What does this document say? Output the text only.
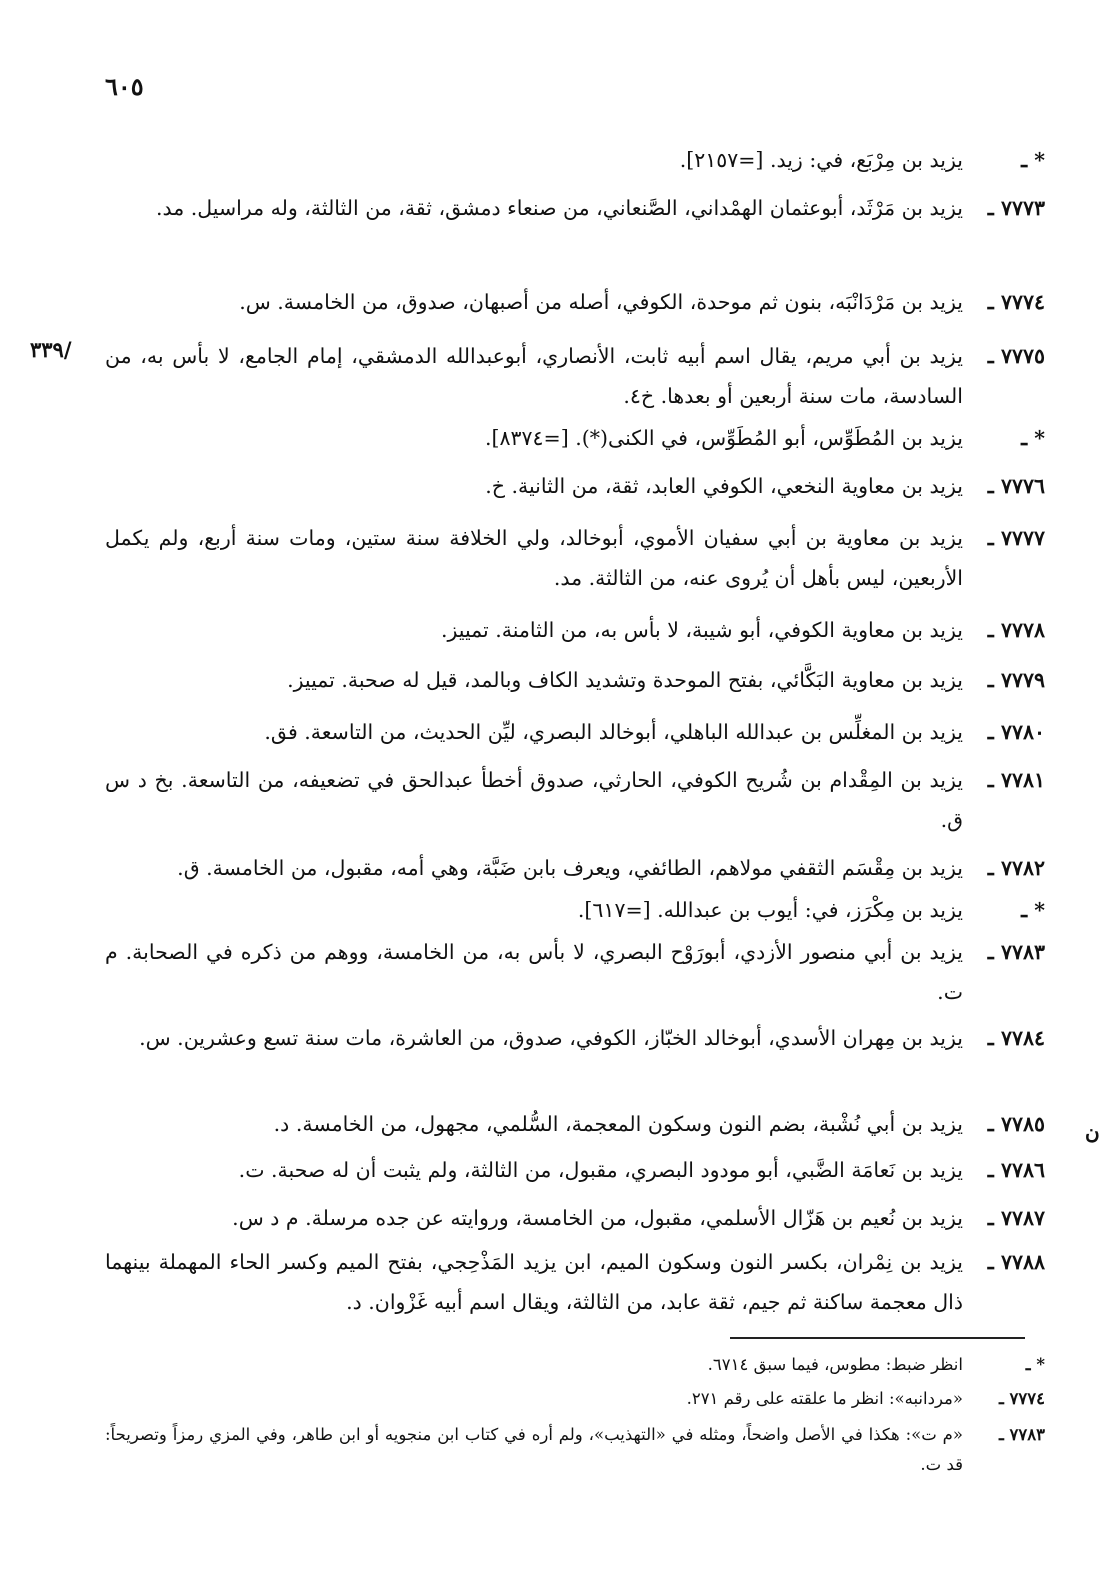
٦٠٥
/٣٣٩
ن
* ـ
يزيد بن مِرْبَع، في: زيد. [=٢١٥٧].
٧٧٧٣ ـ
يزيد بن مَرْثَد، أبوعثمان الهمْداني، الصَّنعاني، من صنعاء دمشق، ثقة، من الثالثة، وله مراسيل. مد.
٧٧٧٤ ـ
يزيد بن مَرْدَانْبَه، بنون ثم موحدة، الكوفي، أصله من أصبهان، صدوق، من الخامسة. س.
٧٧٧٥ ـ
يزيد بن أبي مريم، يقال اسم أبيه ثابت، الأنصاري، أبوعبدالله الدمشقي، إمام الجامع، لا بأس به، من السادسة، مات سنة أربعين أو بعدها. خ٤.
* ـ
يزيد بن المُطَوِّس، أبو المُطَوِّس، في الكنى(*). [=٨٣٧٤].
٧٧٧٦ ـ
يزيد بن معاوية النخعي، الكوفي العابد، ثقة، من الثانية. خ.
٧٧٧٧ ـ
يزيد بن معاوية بن أبي سفيان الأموي، أبوخالد، ولي الخلافة سنة ستين، ومات سنة أربع، ولم يكمل الأربعين، ليس بأهل أن يُروى عنه، من الثالثة. مد.
٧٧٧٨ ـ
يزيد بن معاوية الكوفي، أبو شيبة، لا بأس به، من الثامنة. تمييز.
٧٧٧٩ ـ
يزيد بن معاوية البَكَّائي، بفتح الموحدة وتشديد الكاف وبالمد، قيل له صحبة. تمييز.
٧٧٨٠ ـ
يزيد بن المغلِّس بن عبدالله الباهلي، أبوخالد البصري، ليِّن الحديث، من التاسعة. فق.
٧٧٨١ ـ
يزيد بن المِقْدام بن شُريح الكوفي، الحارثي، صدوق أخطأ عبدالحق في تضعيفه، من التاسعة. بخ د س ق.
٧٧٨٢ ـ
يزيد بن مِقْسَم الثقفي مولاهم، الطائفي، ويعرف بابن ضَبَّة، وهي أمه، مقبول، من الخامسة. ق.
* ـ
يزيد بن مِكْرَز، في: أيوب بن عبدالله. [=٦١٧].
٧٧٨٣ ـ
يزيد بن أبي منصور الأزدي، أبورَوْح البصري، لا بأس به، من الخامسة، ووهم من ذكره في الصحابة. م ت.
٧٧٨٤ ـ
يزيد بن مِهران الأسدي، أبوخالد الخبّاز، الكوفي، صدوق، من العاشرة، مات سنة تسع وعشرين. س.
٧٧٨٥ ـ
يزيد بن أبي نُشْبة، بضم النون وسكون المعجمة، السُّلمي، مجهول، من الخامسة. د.
٧٧٨٦ ـ
يزيد بن نَعامَة الضَّبي، أبو مودود البصري، مقبول، من الثالثة، ولم يثبت أن له صحبة. ت.
٧٧٨٧ ـ
يزيد بن نُعيم بن هَزّال الأسلمي، مقبول، من الخامسة، وروايته عن جده مرسلة. م د س.
٧٧٨٨ ـ
يزيد بن نِمْران، بكسر النون وسكون الميم، ابن يزيد المَذْحِجي، بفتح الميم وكسر الحاء المهملة بينهما ذال معجمة ساكنة ثم جيم، ثقة عابد، من الثالثة، ويقال اسم أبيه غَزْوان. د.
* ـ
انظر ضبط: مطوس، فيما سبق ٦٧١٤.
٧٧٧٤ ـ
«مردانبه»: انظر ما علقته على رقم ٢٧١.
٧٧٨٣ ـ
«م ت»: هكذا في الأصل واضحاً، ومثله في «التهذيب»، ولم أره في كتاب ابن منجويه أو ابن طاهر، وفي المزي رمزاً وتصريحاً: قد ت.
